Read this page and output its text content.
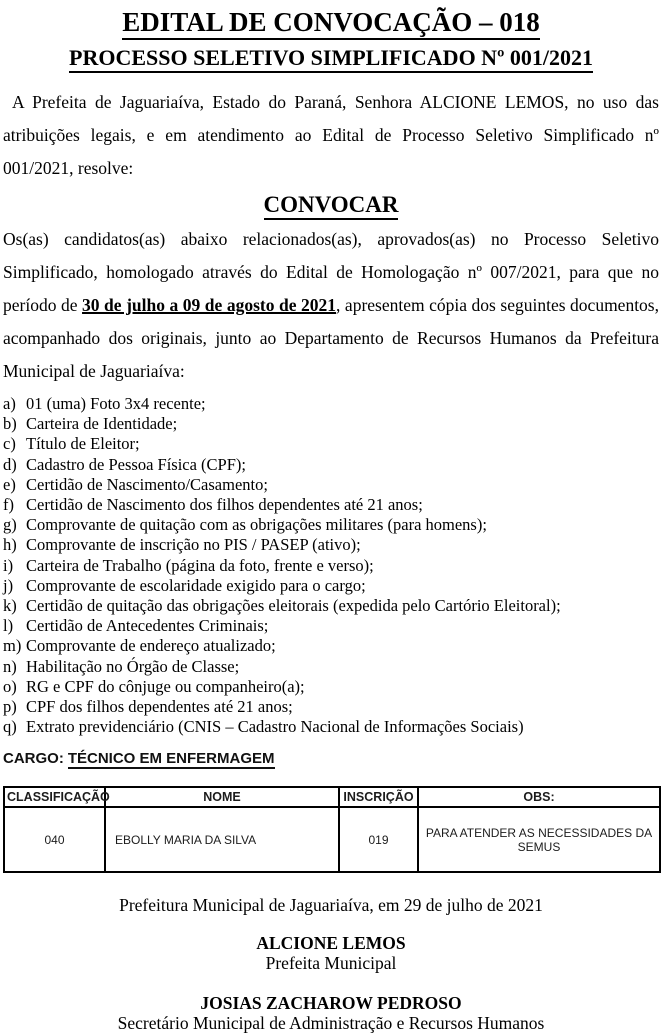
EDITAL DE CONVOCAÇÃO – 018
PROCESSO SELETIVO SIMPLIFICADO Nº 001/2021

A Prefeita de Jaguariaíva, Estado do Paraná, Senhora ALCIONE LEMOS, no uso das atribuições legais, e em atendimento ao Edital de Processo Seletivo Simplificado nº 001/2021, resolve:

CONVOCAR

Os(as) candidatos(as) abaixo relacionados(as), aprovados(as) no Processo Seletivo Simplificado, homologado através do Edital de Homologação nº 007/2021, para que no período de 30 de julho a 09 de agosto de 2021, apresentem cópia dos seguintes documentos, acompanhado dos originais, junto ao Departamento de Recursos Humanos da Prefeitura Municipal de Jaguariaíva:

a) 01 (uma) Foto 3x4 recente;
b) Carteira de Identidade;
c) Título de Eleitor;
d) Cadastro de Pessoa Física (CPF);
e) Certidão de Nascimento/Casamento;
f) Certidão de Nascimento dos filhos dependentes até 21 anos;
g) Comprovante de quitação com as obrigações militares (para homens);
h) Comprovante de inscrição no PIS / PASEP (ativo);
i) Carteira de Trabalho (página da foto, frente e verso);
j) Comprovante de escolaridade exigido para o cargo;
k) Certidão de quitação das obrigações eleitorais (expedida pelo Cartório Eleitoral);
l) Certidão de Antecedentes Criminais;
m) Comprovante de endereço atualizado;
n) Habilitação no Órgão de Classe;
o) RG e CPF do cônjuge ou companheiro(a);
p) CPF dos filhos dependentes até 21 anos;
q) Extrato previdenciário (CNIS – Cadastro Nacional de Informações Sociais)
CARGO: TÉCNICO EM ENFERMAGEM
CLASSIFICAÇÃO	NOME	INSCRIÇÃO	OBS:
040	EBOLLY MARIA DA SILVA	019	PARA ATENDER AS NECESSIDADES DA SEMUS

Prefeitura Municipal de Jaguariaíva, em 29 de julho de 2021

ALCIONE LEMOS
Prefeita Municipal
JOSIAS ZACHAROW PEDROSO
Secretário Municipal de Administração e Recursos Humanos
